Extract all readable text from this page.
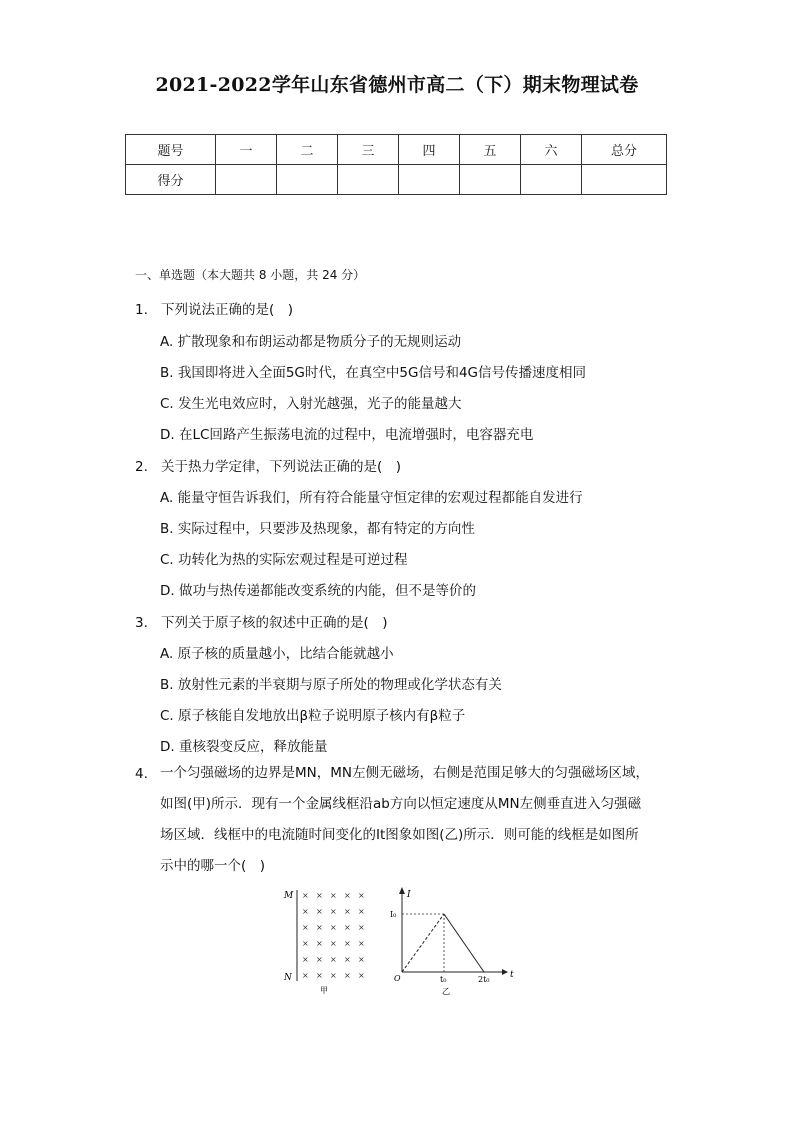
2021-2022学年山东省德州市高二（下）期末物理试卷
题号	一	二	三	四	五	六	总分
得分							
一、单选题（本大题共 8 小题，共 24 分）
1. 下列说法正确的是(　)
A. 扩散现象和布朗运动都是物质分子的无规则运动
B. 我国即将进入全面5G时代，在真空中5G信号和4G信号传播速度相同
C. 发生光电效应时，入射光越强，光子的能量越大
D. 在LC回路产生振荡电流的过程中，电流增强时，电容器充电
2. 关于热力学定律，下列说法正确的是(　)
A. 能量守恒告诉我们，所有符合能量守恒定律的宏观过程都能自发进行
B. 实际过程中，只要涉及热现象，都有特定的方向性
C. 功转化为热的实际宏观过程是可逆过程
D. 做功与热传递都能改变系统的内能，但不是等价的
3. 下列关于原子核的叙述中正确的是(　)
A. 原子核的质量越小，比结合能就越小
B. 放射性元素的半衰期与原子所处的物理或化学状态有关
C. 原子核能自发地放出β粒子说明原子核内有β粒子
D. 重核裂变反应，释放能量
4. 一个匀强磁场的边界是MN，MN左侧无磁场，右侧是范围足够大的匀强磁场区域，
如图(甲)所示．现有一个金属线框沿ab方向以恒定速度从MN左侧垂直进入匀强磁
场区域．线框中的电流随时间变化的It图象如图(乙)所示．则可能的线框是如图所
示中的哪一个(　)
M
N
× × × × ×
× × × × ×
× × × × ×
× × × × ×
× × × × ×
× × × × ×
甲
I
t
I₀
O	t₀	2t₀
乙
